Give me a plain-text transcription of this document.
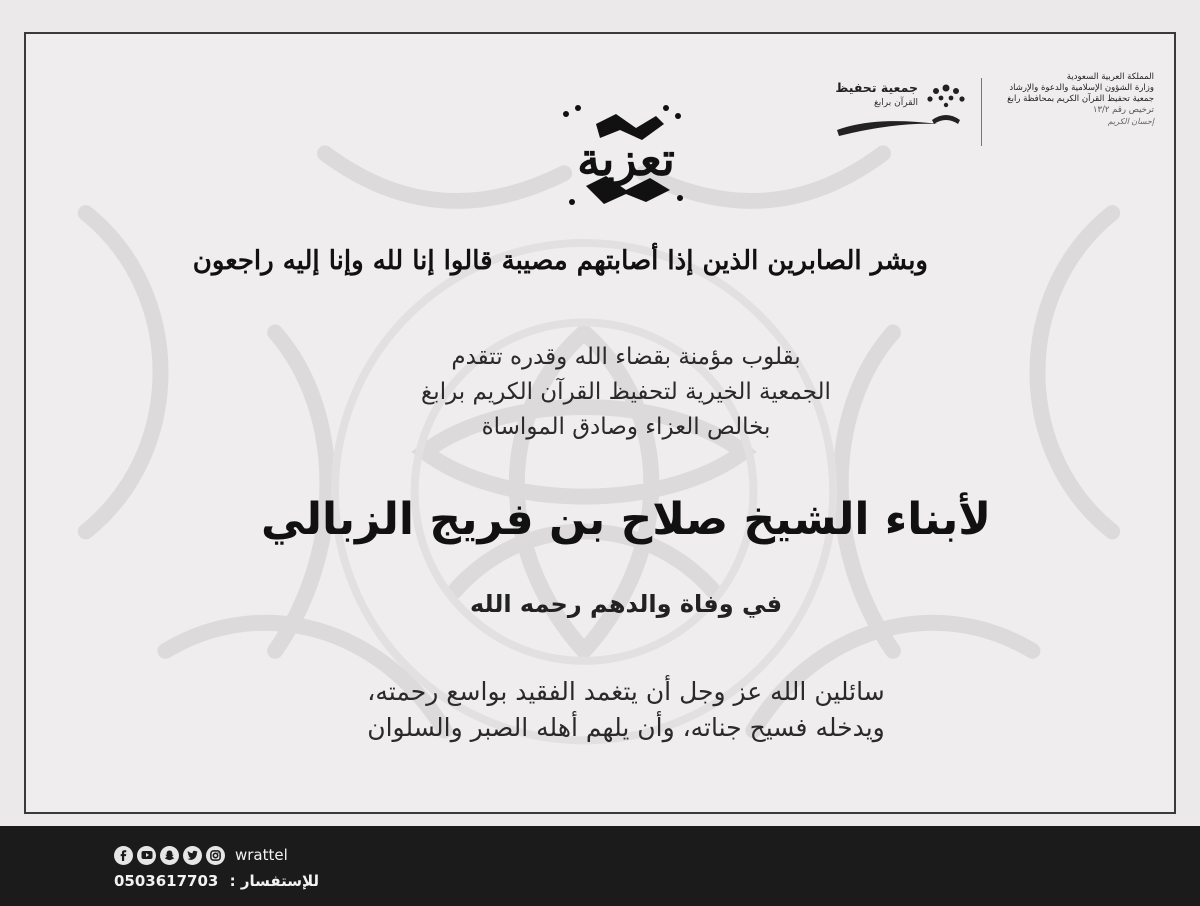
تعزية
وبشر الصابرين الذين إذا أصابتهم مصيبة قالوا إنا لله وإنا إليه راجعون
بقلوب مؤمنة بقضاء الله وقدره تتقدم
الجمعية الخيرية لتحفيظ القرآن الكريم برابغ
بخالص العزاء وصادق المواساة
لأبناء الشيخ صلاح بن فريج الزبالي
في وفاة والدهم رحمه الله
سائلين الله عز وجل أن يتغمد الفقيد بواسع رحمته،
ويدخله فسيح جناته، وأن يلهم أهله الصبر والسلوان
المملكة العربية السعودية
وزارة الشؤون الإسلامية والدعوة والإرشاد
جمعية تحفيظ القرآن الكريم بمحافظة رابغ
ترخيص رقم ١٣/٢
إحسان الكريم
جمعية تحفيظ
القرآن برابغ
wrattel
0503617703 للإستفسار :
